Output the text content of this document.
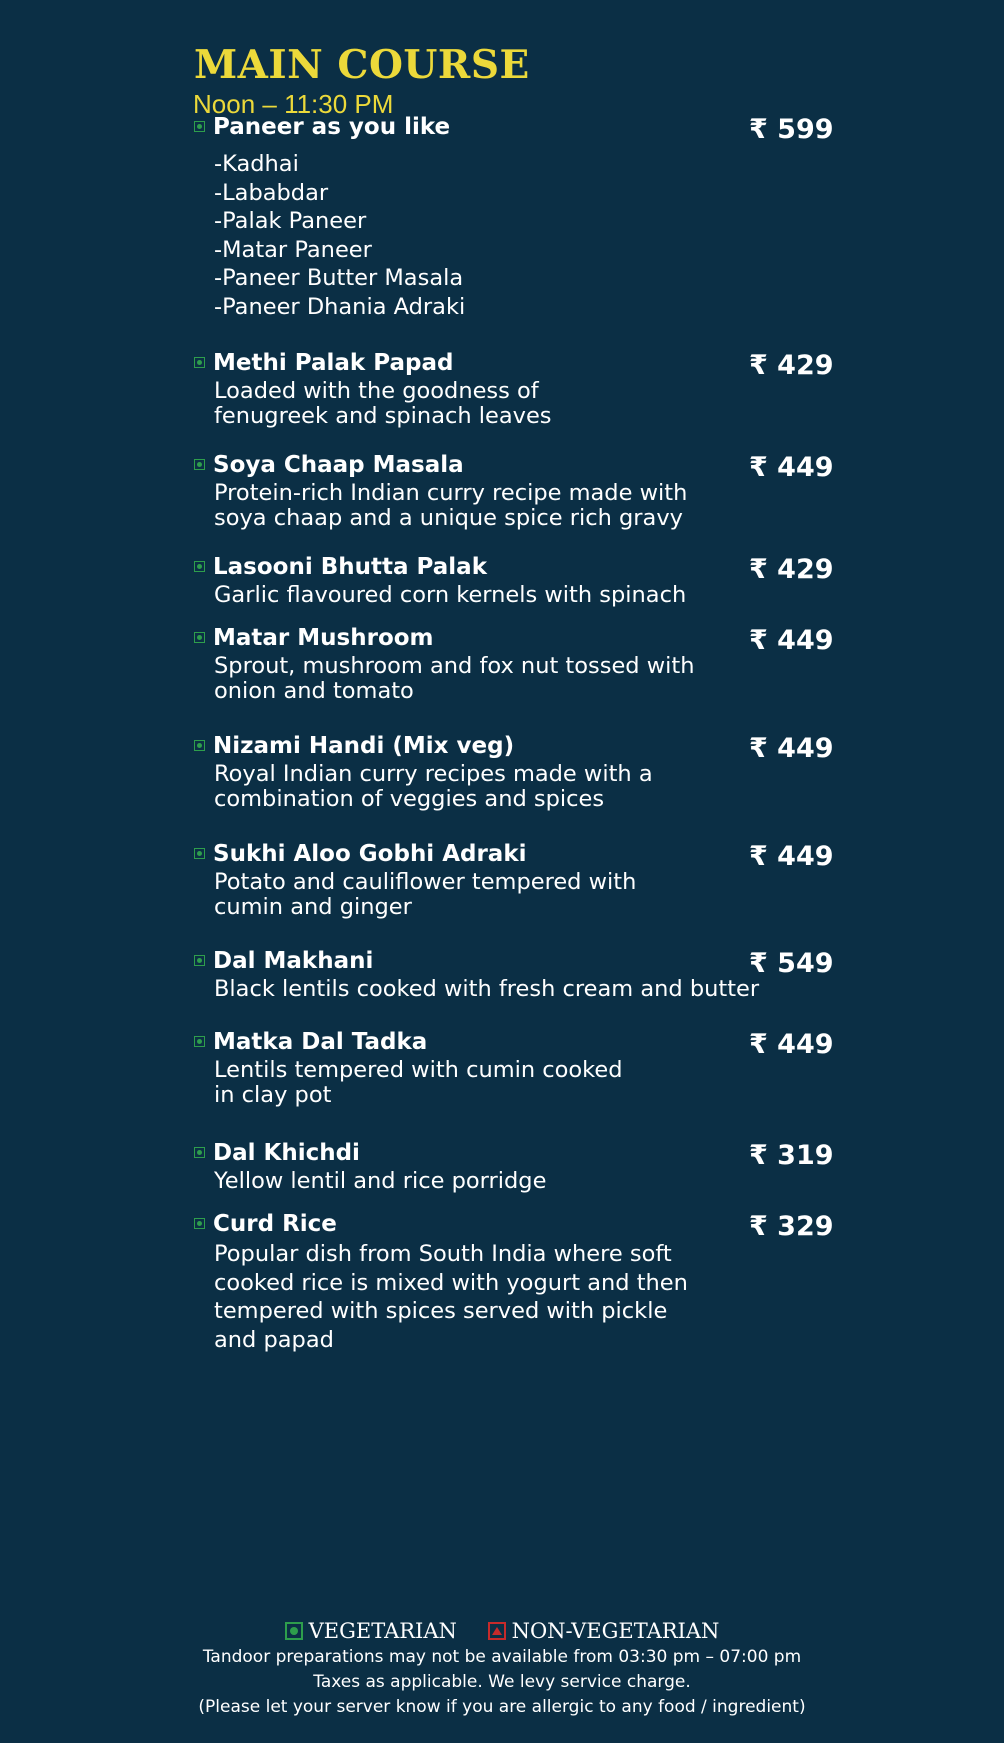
MAIN COURSE
Noon – 11:30 PM
Paneer as you like	₹ 599
-Kadhai
-Lababdar
-Palak Paneer
-Matar Paneer
-Paneer Butter Masala
-Paneer Dhania Adraki
Methi Palak Papad	₹ 429
Loaded with the goodness of fenugreek and spinach leaves
Soya Chaap Masala	₹ 449
Protein-rich Indian curry recipe made with soya chaap and a unique spice rich gravy
Lasooni Bhutta Palak	₹ 429
Garlic flavoured corn kernels with spinach
Matar Mushroom	₹ 449
Sprout, mushroom and fox nut tossed with onion and tomato
Nizami Handi (Mix veg)	₹ 449
Royal Indian curry recipes made with a combination of veggies and spices
Sukhi Aloo Gobhi Adraki	₹ 449
Potato and cauliflower tempered with cumin and ginger
Dal Makhani	₹ 549
Black lentils cooked with fresh cream and butter
Matka Dal Tadka	₹ 449
Lentils tempered with cumin cooked in clay pot
Dal Khichdi	₹ 319
Yellow lentil and rice porridge
Curd Rice	₹ 329
Popular dish from South India where soft cooked rice is mixed with yogurt and then tempered with spices served with pickle and papad
VEGETARIAN
	NON-VEGETARIAN
Tandoor preparations may not be available from 03:30 pm – 07:00 pm
Taxes as applicable. We levy service charge.
(Please let your server know if you are allergic to any food / ingredient)
